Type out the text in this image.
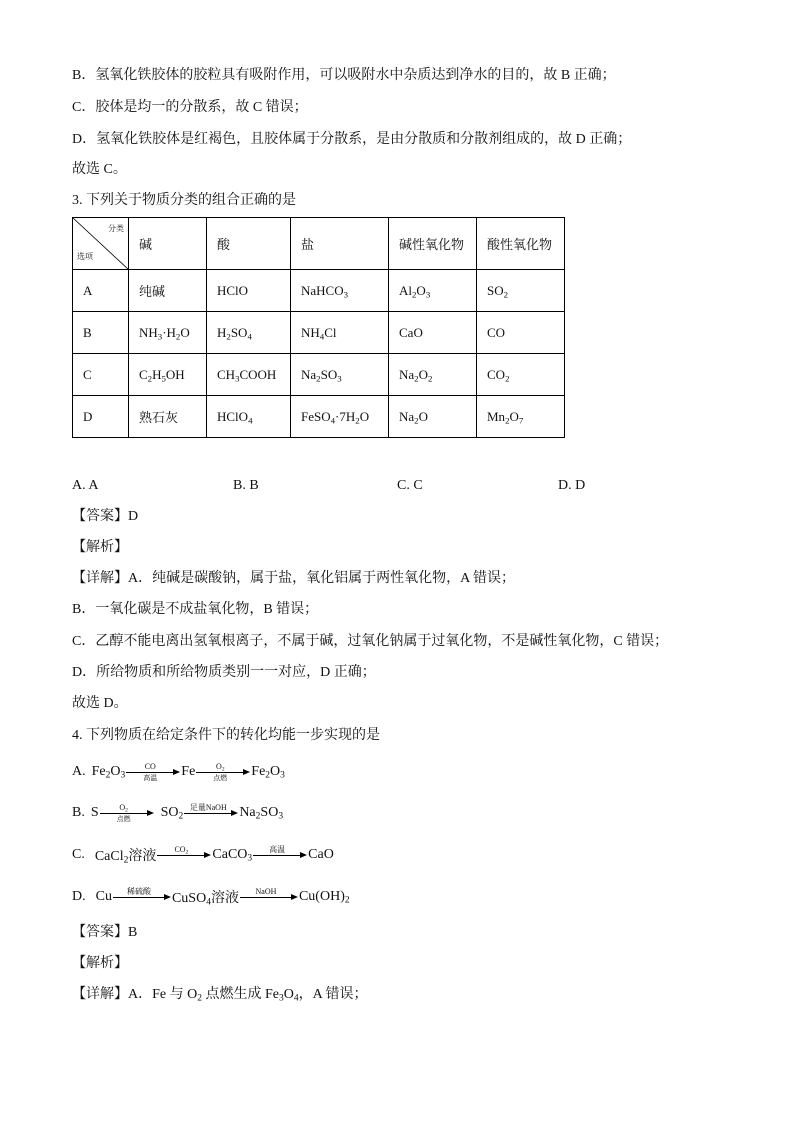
B．氢氧化铁胶体的胶粒具有吸附作用，可以吸附水中杂质达到净水的目的，故 B 正确；
C．胶体是均一的分散系，故 C 错误；
D．氢氧化铁胶体是红褐色，且胶体属于分散系，是由分散质和分散剂组成的，故 D 正确；
故选 C。
3. 下列关于物质分类的组合正确的是
分类
选项	碱	酸	盐	碱性氧化物	酸性氧化物
A	纯碱	HClO	NaHCO$_3$	$Al_2O_3$	$SO_2$
B	$NH_3\cdot H_2O$	$H_2SO_4$	$NH_4Cl$	CaO	CO
C	$C_2H_5OH$	$CH_3COOH$	$Na_2SO_3$	$Na_2O_2$	$CO_2$
D	熟石灰	HClO$_4$	$FeSO_4\cdot 7H_2O$	$Na_2O$	$Mn_2O_7$
A. A	B. B	C. C	D. D
【答案】D
【解析】
【详解】A．纯碱是碳酸钠，属于盐，氧化铝属于两性氧化物，A 错误；
B．一氧化碳是不成盐氧化物，B 错误；
C．乙醇不能电离出氢氧根离子，不属于碱，过氧化钠属于过氧化物，不是碱性氧化物，C 错误；
D．所给物质和所给物质类别一一对应，D 正确；
故选 D。
4. 下列物质在给定条件下的转化均能一步实现的是
A. $Fe_2O_3$
CO
高温	Fe	$O_2$
点燃	$Fe_2O_3$
B. S	$O_2$
点燃	$SO_2$
足量NaOH $Na_2SO_3$
C. CaCl$_2$溶液	$CO_2$	CaCO$_3$
高温	CaO
D. Cu	稀硫酸	CuSO$_4$溶液	NaOH	$Cu(OH)_2$
【答案】B
【解析】
【详解】A．Fe 与 $O_2$ 点燃生成 $Fe_3O_4$，A 错误；
